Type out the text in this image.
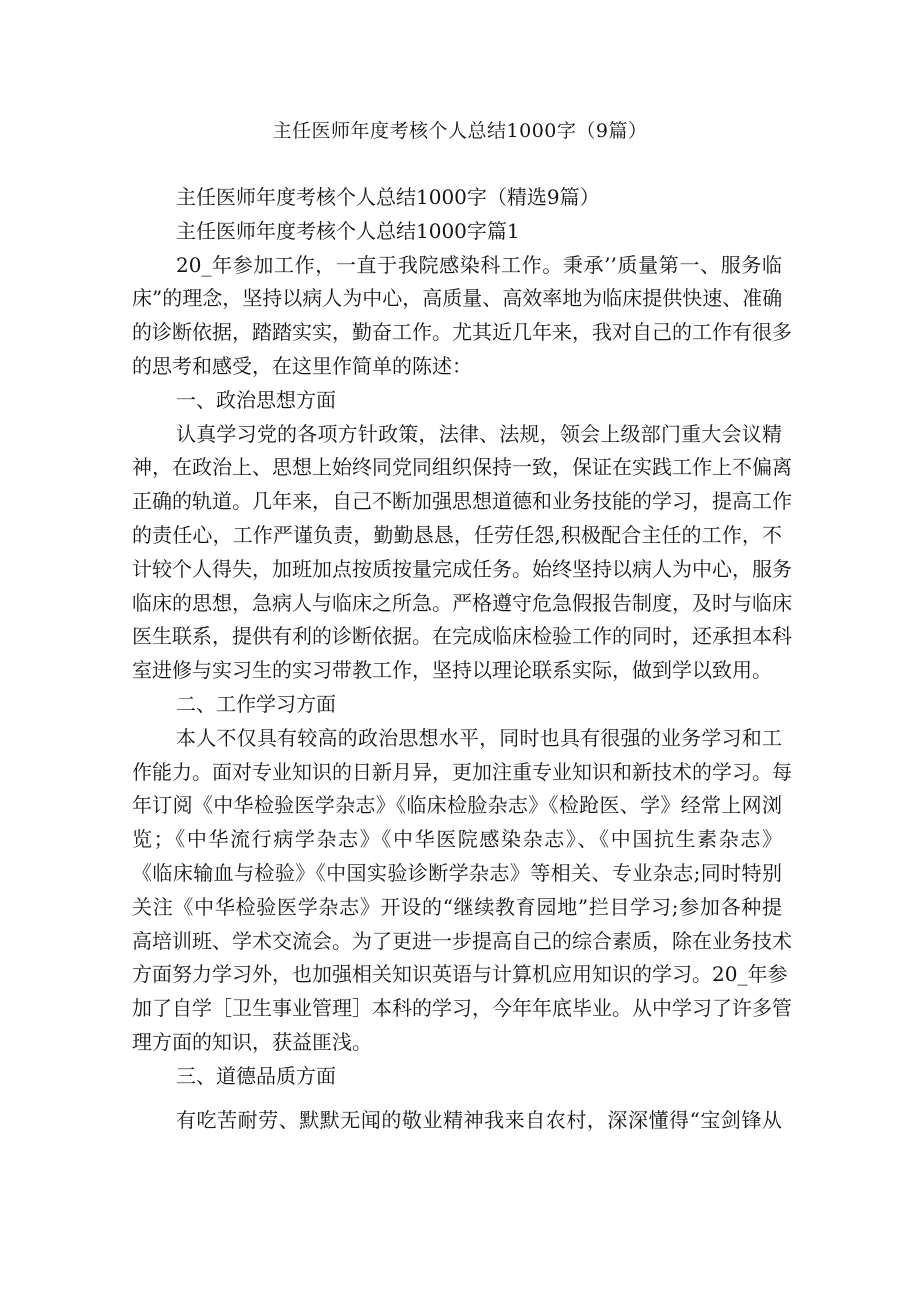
主任医师年度考核个人总结1000字（9篇）
主任医师年度考核个人总结1000字（精选9篇）
主任医师年度考核个人总结1000字篇1
20_年参加工作，一直于我院感染科工作。秉承’’质量第一、服务临
床”的理念，坚持以病人为中心，高质量、高效率地为临床提供快速、准确
的诊断依据，踏踏实实，勤奋工作。尤其近几年来，我对自己的工作有很多
的思考和感受，在这里作简单的陈述：
一、政治思想方面
认真学习党的各项方针政策，法律、法规，领会上级部门重大会议精
神，在政治上、思想上始终同党同组织保持一致，保证在实践工作上不偏离
正确的轨道。几年来，自己不断加强思想道德和业务技能的学习，提高工作
的责任心，工作严谨负责，勤勤恳恳，任劳任怨,积极配合主任的工作，不
计较个人得失，加班加点按质按量完成任务。始终坚持以病人为中心，服务
临床的思想，急病人与临床之所急。严格遵守危急假报告制度，及时与临床
医生联系，提供有利的诊断依据。在完成临床检验工作的同时，还承担本科
室进修与实习生的实习带教工作，坚持以理论联系实际，做到学以致用。
二、工作学习方面
本人不仅具有较高的政治思想水平，同时也具有很强的业务学习和工
作能力。面对专业知识的日新月异，更加注重专业知识和新技术的学习。每
年订阅《中华检验医学杂志》《临床检脸杂志》《检跄医、学》经常上网浏
览；《中华流行病学杂志》《中华医院感染杂志》、《中国抗生素杂志》
《临床输血与检验》《中国实验诊断学杂志》等相关、专业杂志;同时特别
关注《中华检验医学杂志》开设的“继续教育园地”拦目学习;参加各种提
高培训班、学术交流会。为了更进一步提高自己的综合素质，除在业务技术
方面努力学习外，也加强相关知识英语与计算机应用知识的学习。20_年参
加了自学［卫生事业管理］本科的学习，今年年底毕业。从中学习了许多管
理方面的知识，获益匪浅。
三、道德品质方面
有吃苦耐劳、默默无闻的敬业精神我来自农村，深深懂得“宝剑锋从
